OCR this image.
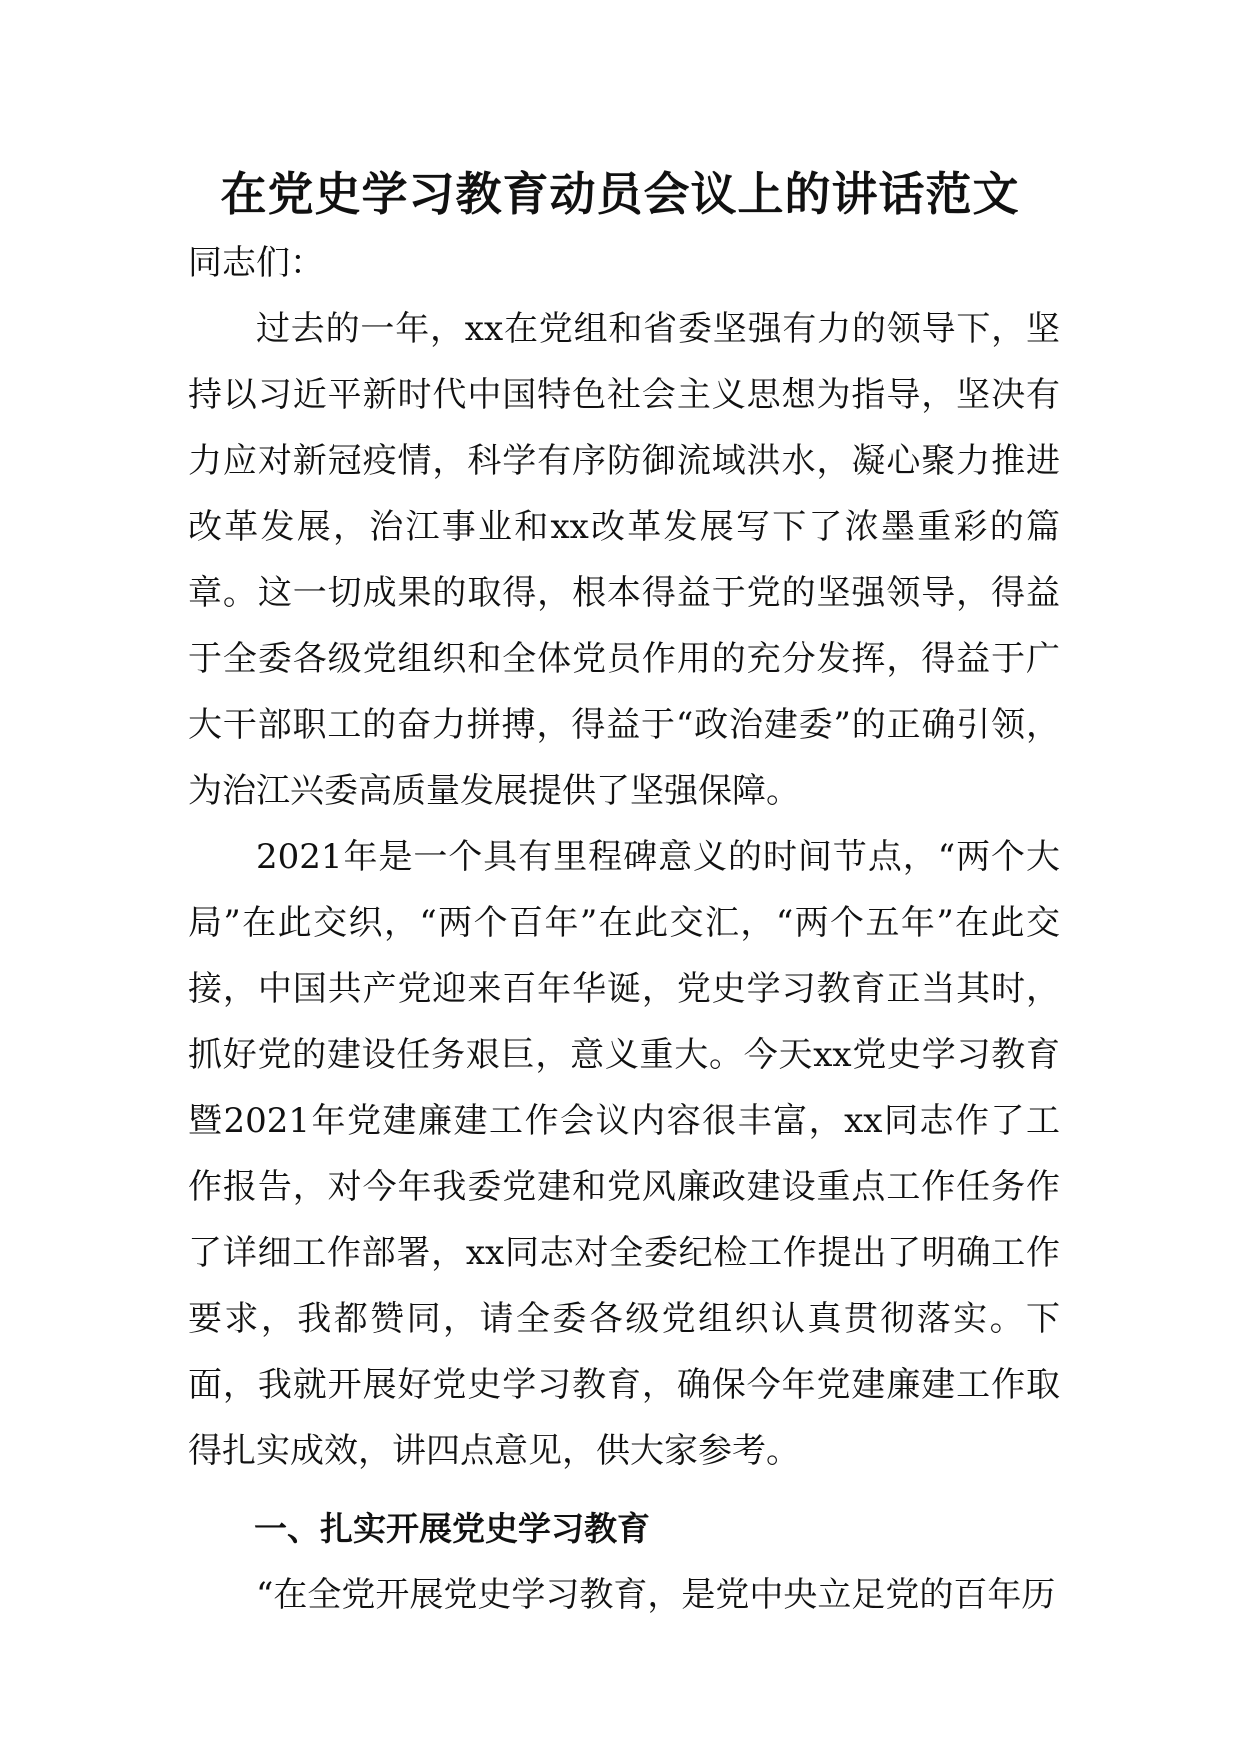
在党史学习教育动员会议上的讲话范文

同志们：

过去的一年，xx在党组和省委坚强有力的领导下，坚持以习近平新时代中国特色社会主义思想为指导，坚决有力应对新冠疫情，科学有序防御流域洪水，凝心聚力推进改革发展，治江事业和xx改革发展写下了浓墨重彩的篇章。这一切成果的取得，根本得益于党的坚强领导，得益于全委各级党组织和全体党员作用的充分发挥，得益于广大干部职工的奋力拼搏，得益于“政治建委”的正确引领，为治江兴委高质量发展提供了坚强保障。

2021年是一个具有里程碑意义的时间节点，“两个大局”在此交织，“两个百年”在此交汇，“两个五年”在此交接，中国共产党迎来百年华诞，党史学习教育正当其时，抓好党的建设任务艰巨，意义重大。今天xx党史学习教育暨2021年党建廉建工作会议内容很丰富，xx同志作了工作报告，对今年我委党建和党风廉政建设重点工作任务作了详细工作部署，xx同志对全委纪检工作提出了明确工作要求，我都赞同，请全委各级党组织认真贯彻落实。下面，我就开展好党史学习教育，确保今年党建廉建工作取得扎实成效，讲四点意见，供大家参考。

一、扎实开展党史学习教育

“在全党开展党史学习教育，是党中央立足党的百年历
